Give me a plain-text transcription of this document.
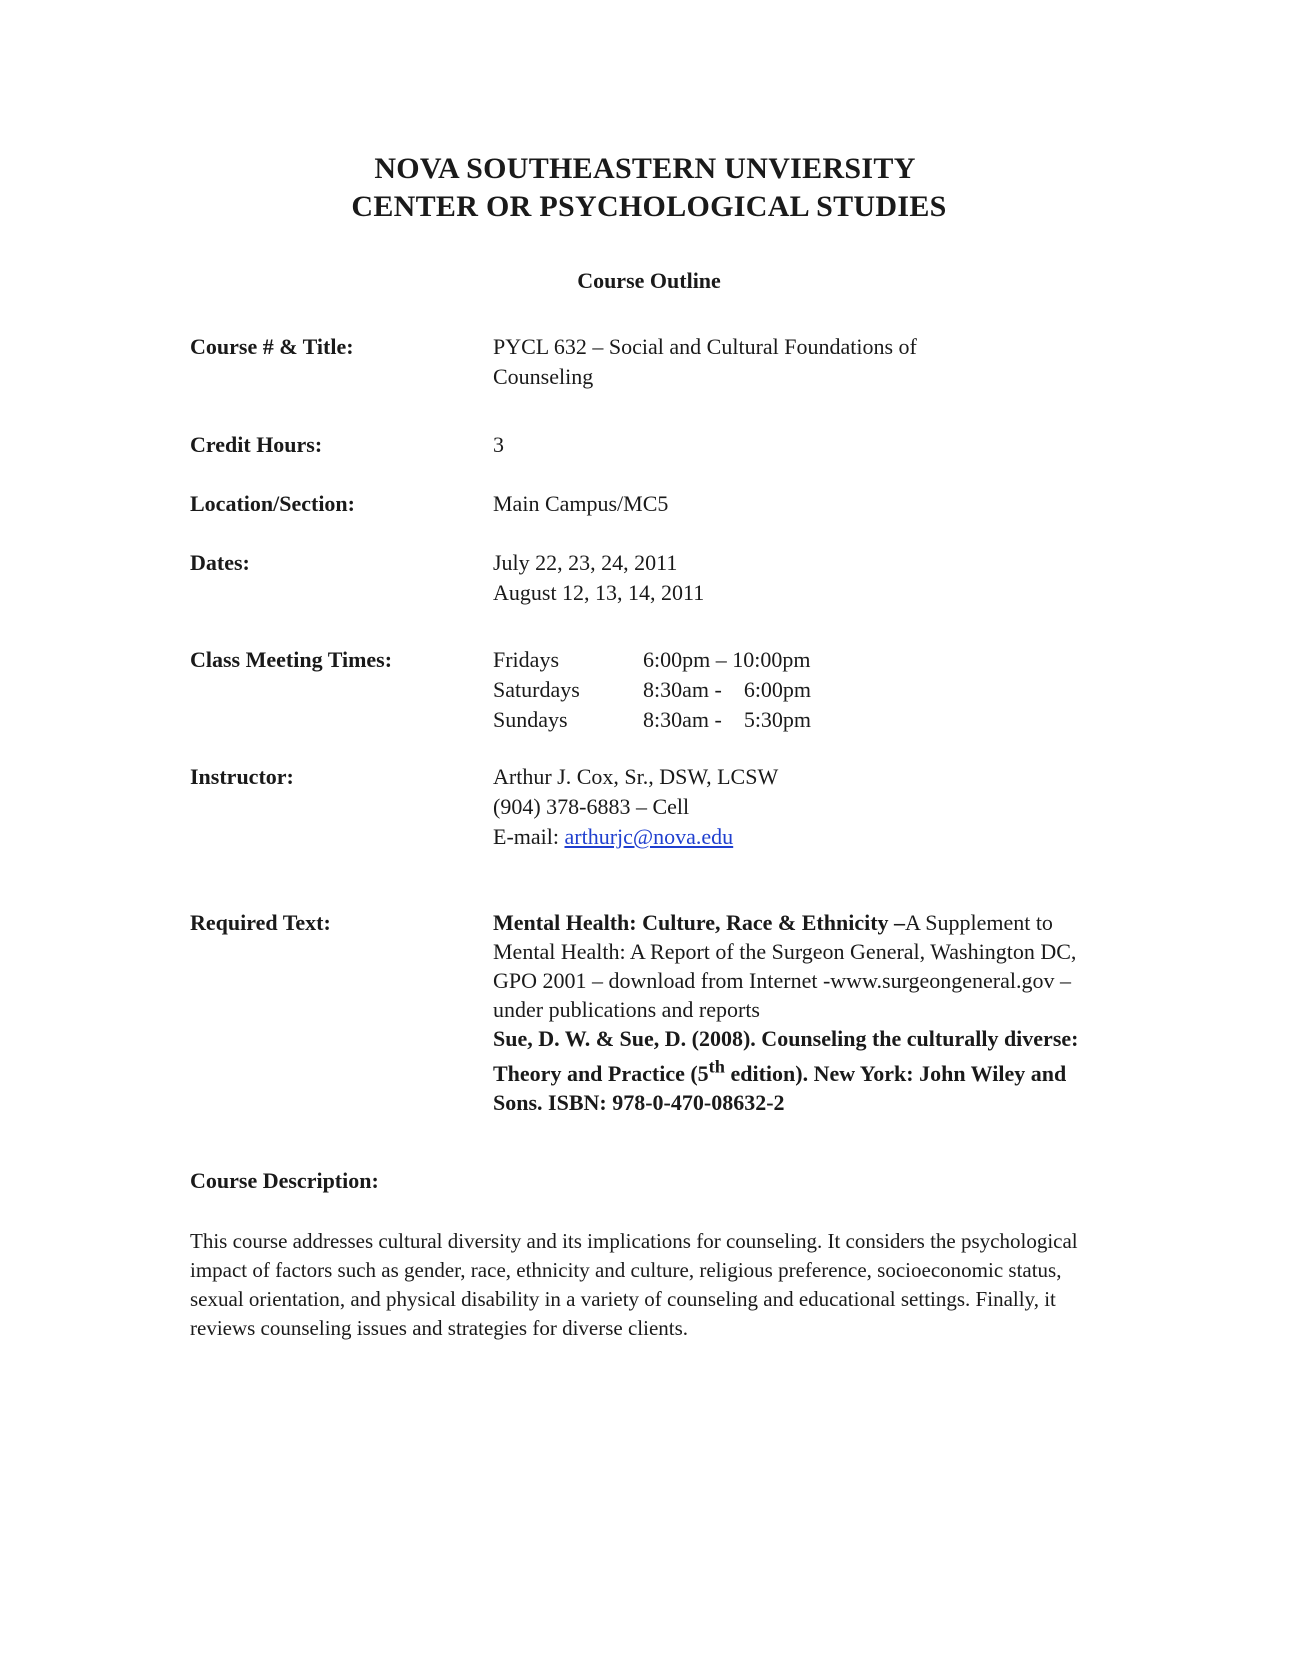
NOVA SOUTHEASTERN UNVIERSITY
CENTER OR PSYCHOLOGICAL STUDIES
Course Outline
Course # & Title:	PYCL 632 – Social and Cultural Foundations of
Counseling
Credit Hours:	3
Location/Section:	Main Campus/MC5
Dates:	July 22, 23, 24, 2011
August 12, 13, 14, 2011
Class Meeting Times:	Fridays	6:00pm – 10:00pm
Saturdays	8:30am -    6:00pm
Sundays	8:30am -    5:30pm
Instructor:	Arthur J. Cox, Sr., DSW, LCSW
(904) 378-6883 – Cell
E-mail: arthurjc@nova.edu
Required Text:	Mental Health: Culture, Race & Ethnicity –A Supplement to Mental Health: A Report of the Surgeon General, Washington DC, GPO 2001 – download from Internet -www.surgeongeneral.gov –under publications and reports
Sue, D. W. & Sue, D. (2008). Counseling the culturally diverse: Theory and Practice (5th edition). New York: John Wiley and Sons. ISBN: 978-0-470-08632-2
Course Description:
This course addresses cultural diversity and its implications for counseling. It considers the psychological impact of factors such as gender, race, ethnicity and culture, religious preference, socioeconomic status, sexual orientation, and physical disability in a variety of counseling and educational settings. Finally, it reviews counseling issues and strategies for diverse clients.
